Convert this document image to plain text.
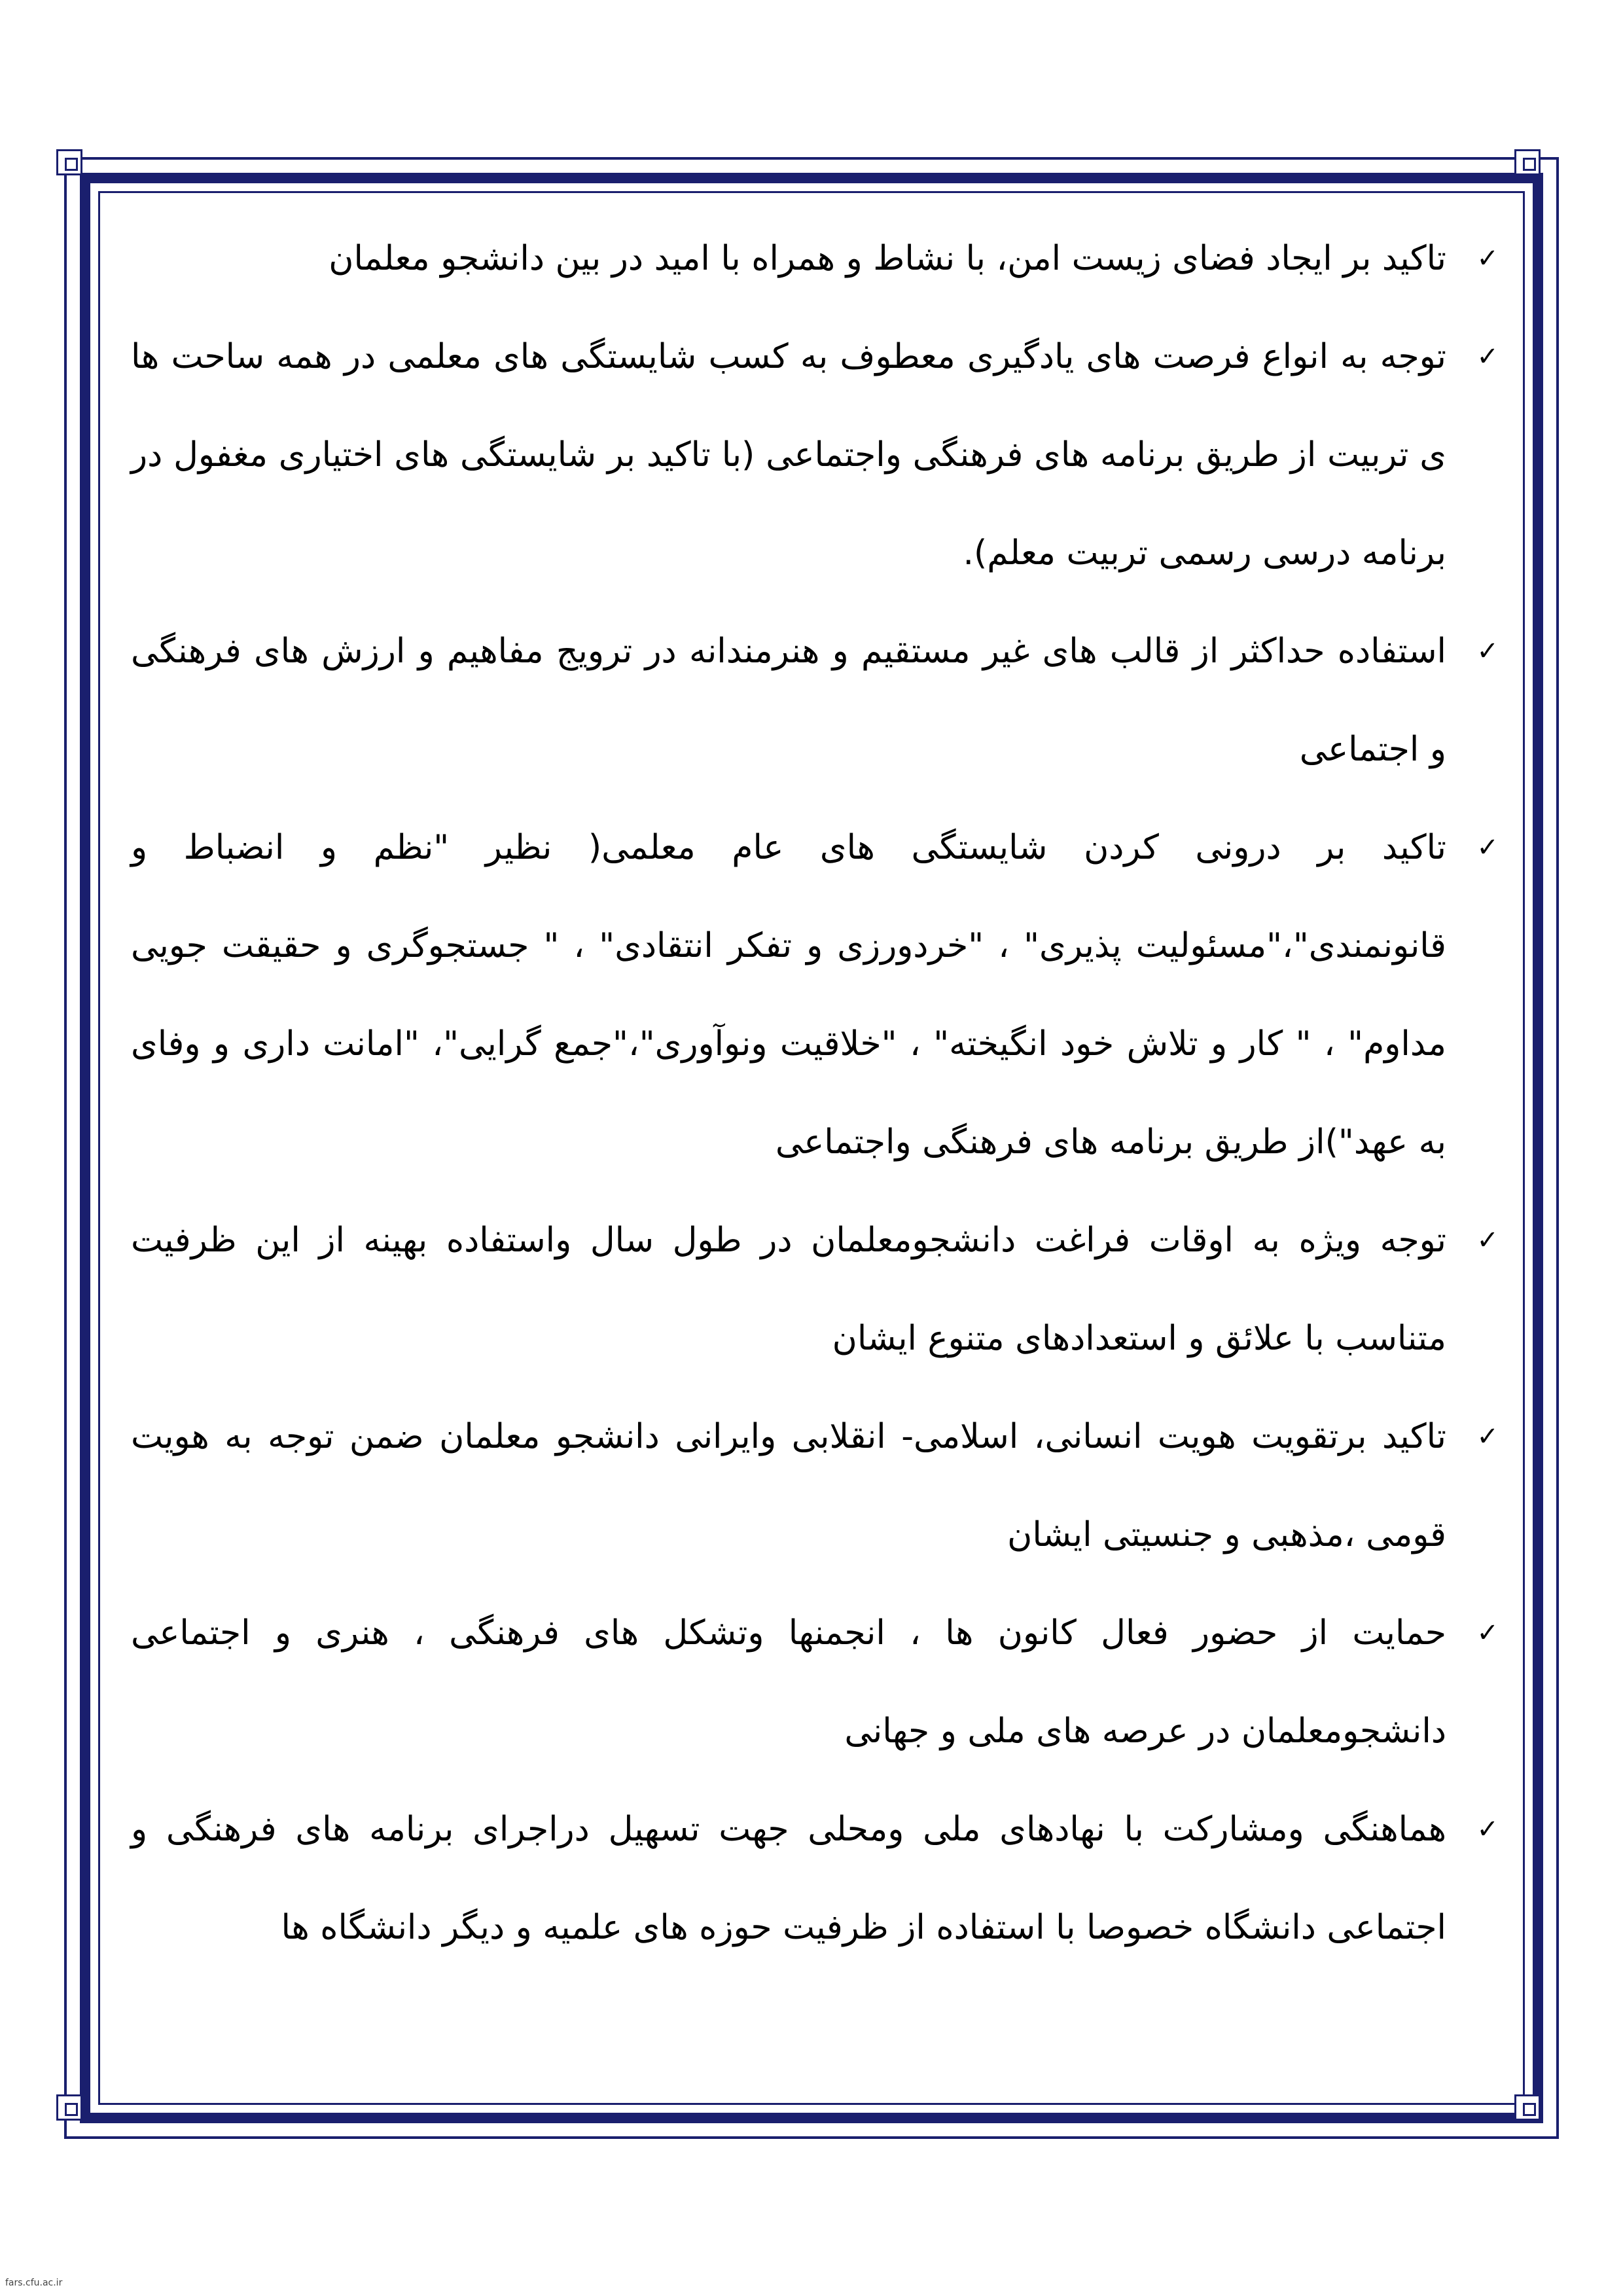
✓
تاکید بر ایجاد فضای زیست امن، با نشاط و همراه با امید در بین دانشجو معلمان

✓
توجه به انواع فرصت های یادگیری معطوف به کسب شایستگی های معلمی در همه ساحت ها ی تربیت از طریق برنامه های فرهنگی واجتماعی (با تاکید بر شایستگی های اختیاری مغفول در برنامه درسی رسمی تربیت معلم).

✓
استفاده حداکثر از قالب های غیر مستقیم و هنرمندانه در ترویج مفاهیم و ارزش های فرهنگی و اجتماعی

✓
تاکید بر درونی کردن شایستگی های عام معلمی( نظیر "نظم و انضباط و قانونمندی"،"مسئولیت پذیری" ، "خردورزی و تفکر انتقادی" ، " جستجوگری و حقیقت جویی مداوم" ، " کار و تلاش خود انگیخته" ، "خلاقیت ونوآوری"،"جمع گرایی"، "امانت داری و وفای به عهد")از طریق برنامه های فرهنگی واجتماعی

✓
توجه ویژه به اوقات فراغت دانشجومعلمان در طول سال واستفاده بهینه از این ظرفیت متناسب با علائق و استعدادهای متنوع ایشان

✓
تاکید برتقویت هویت انسانی، اسلامی- انقلابی وایرانی دانشجو معلمان ضمن توجه به هویت قومی ،مذهبی و جنسیتی ایشان

✓
حمایت از حضور فعال کانون ها ، انجمنها وتشکل های فرهنگی ، هنری و اجتماعی دانشجومعلمان در عرصه های ملی و جهانی

✓
هماهنگی ومشارکت با نهادهای ملی ومحلی جهت تسهیل دراجرای برنامه های فرهنگی و اجتماعی دانشگاه خصوصا با استفاده از ظرفیت حوزه های علمیه و دیگر دانشگاه ها

fars.cfu.ac.ir
